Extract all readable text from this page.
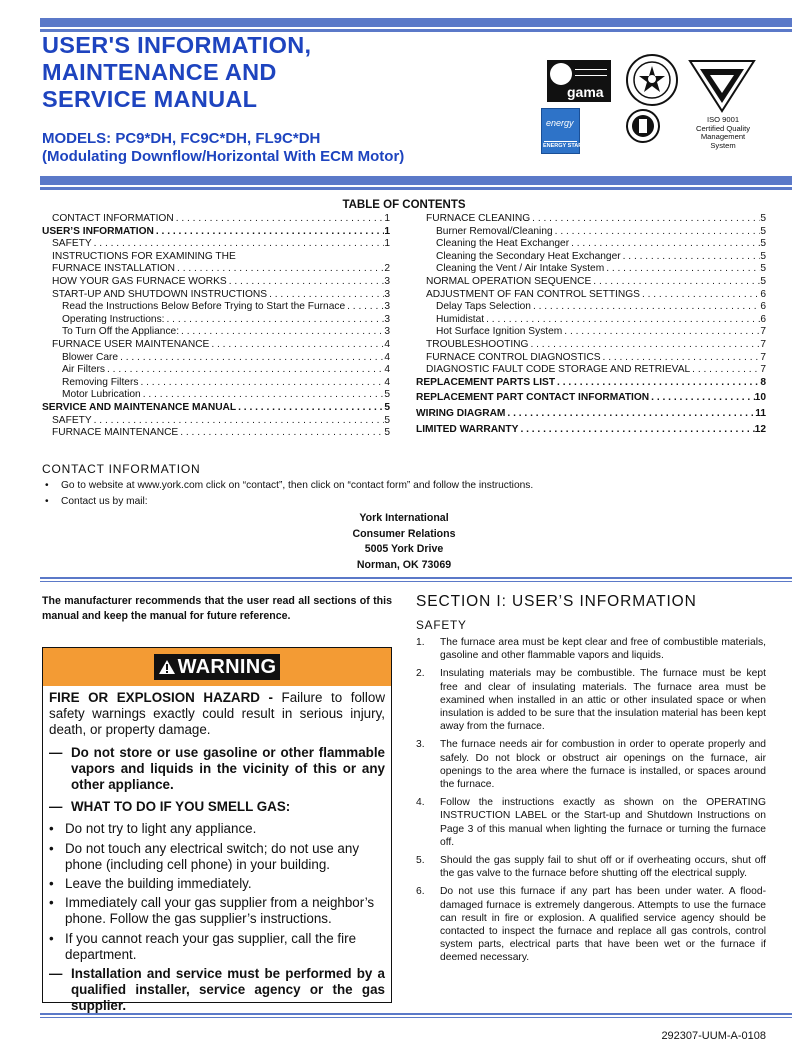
USER'S INFORMATION,
MAINTENANCE AND
SERVICE MANUAL
MODELS: PC9*DH, FC9C*DH, FL9C*DH
(Modulating Downflow/Horizontal With ECM Motor)

gama
ISO 9001
Certified Quality
Management System
energy
ENERGY STAR
TABLE OF CONTENTS
CONTACT INFORMATION . . .	1
USER’S INFORMATION . . .	1
SAFETY . . .	1
INSTRUCTIONS FOR EXAMINING THE
FURNACE INSTALLATION . . .	2
HOW YOUR GAS FURNACE WORKS . . .	3
START-UP AND SHUTDOWN INSTRUCTIONS . . .	3
Read the Instructions Below Before Trying to Start the Furnace . . .	3
Operating Instructions: . . .	3
To Turn Off the Appliance: . . .	3
FURNACE USER MAINTENANCE . . .	4
Blower Care . . .	4
Air Filters . . .	4
Removing Filters . . .	4
Motor Lubrication . . .	5
SERVICE AND MAINTENANCE MANUAL . . .	5
SAFETY . . .	5
FURNACE MAINTENANCE . . .	5
FURNACE CLEANING . . .	5
Burner Removal/Cleaning . . .	5
Cleaning the Heat Exchanger . . .	5
Cleaning the Secondary Heat Exchanger . . .	5
Cleaning the Vent / Air Intake System . . .	5
NORMAL OPERATION SEQUENCE . . .	5
ADJUSTMENT OF FAN CONTROL SETTINGS . . .	6
Delay Taps Selection . . .	6
Humidistat . . .	6
Hot Surface Ignition System . . .	7
TROUBLESHOOTING . . .	7
FURNACE CONTROL DIAGNOSTICS . . .	7
DIAGNOSTIC FAULT CODE STORAGE AND RETRIEVAL . . .	7
REPLACEMENT PARTS LIST . . .	8
REPLACEMENT PART CONTACT INFORMATION . . .	10
WIRING DIAGRAM . . .	11
LIMITED WARRANTY . . .	12
CONTACT INFORMATION
• Go to website at www.york.com click on “contact”, then click on “contact form” and follow the instructions.
• Contact us by mail:
York International
Consumer Relations
5005 York Drive
Norman, OK 73069
The manufacturer recommends that the user read all sections of this manual and keep the manual for future reference.
WARNING
FIRE OR EXPLOSION HAZARD - Failure to follow safety warnings exactly could result in serious injury, death, or property damage.
— Do not store or use gasoline or other flammable vapors and liquids in the vicinity of this or any other appliance.
— WHAT TO DO IF YOU SMELL GAS:
• Do not try to light any appliance.
• Do not touch any electrical switch; do not use any phone (including cell phone) in your building.
• Leave the building immediately.
• Immediately call your gas supplier from a neighbor’s phone. Follow the gas supplier’s instructions.
• If you cannot reach your gas supplier, call the fire department.
— Installation and service must be performed by a qualified installer, service agency or the gas supplier.
SECTION I: USER’S INFORMATION
SAFETY
1.	The furnace area must be kept clear and free of combustible materials, gasoline and other flammable vapors and liquids.
2.	Insulating materials may be combustible. The furnace must be kept free and clear of insulating materials. The furnace area must be examined when installed in an attic or other insulated space or when insulation is added to be sure that the insulation material has been kept away from the furnace.
3.	The furnace needs air for combustion in order to operate properly and safely. Do not block or obstruct air openings on the furnace, air openings to the area where the furnace is installed, or spaces around the furnace.
4.	Follow the instructions exactly as shown on the OPERATING INSTRUCTION LABEL or the Start-up and Shutdown Instructions on Page 3 of this manual when lighting the furnace or turning the furnace off.
5.	Should the gas supply fail to shut off or if overheating occurs, shut off the gas valve to the furnace before shutting off the electrical supply.
6.	Do not use this furnace if any part has been under water. A flood-damaged furnace is extremely dangerous. Attempts to use the furnace can result in fire or explosion. A qualified service agency should be contacted to inspect the furnace and replace all gas controls, control system parts, electrical parts that have been wet or the furnace if deemed necessary.
292307-UUM-A-0108
